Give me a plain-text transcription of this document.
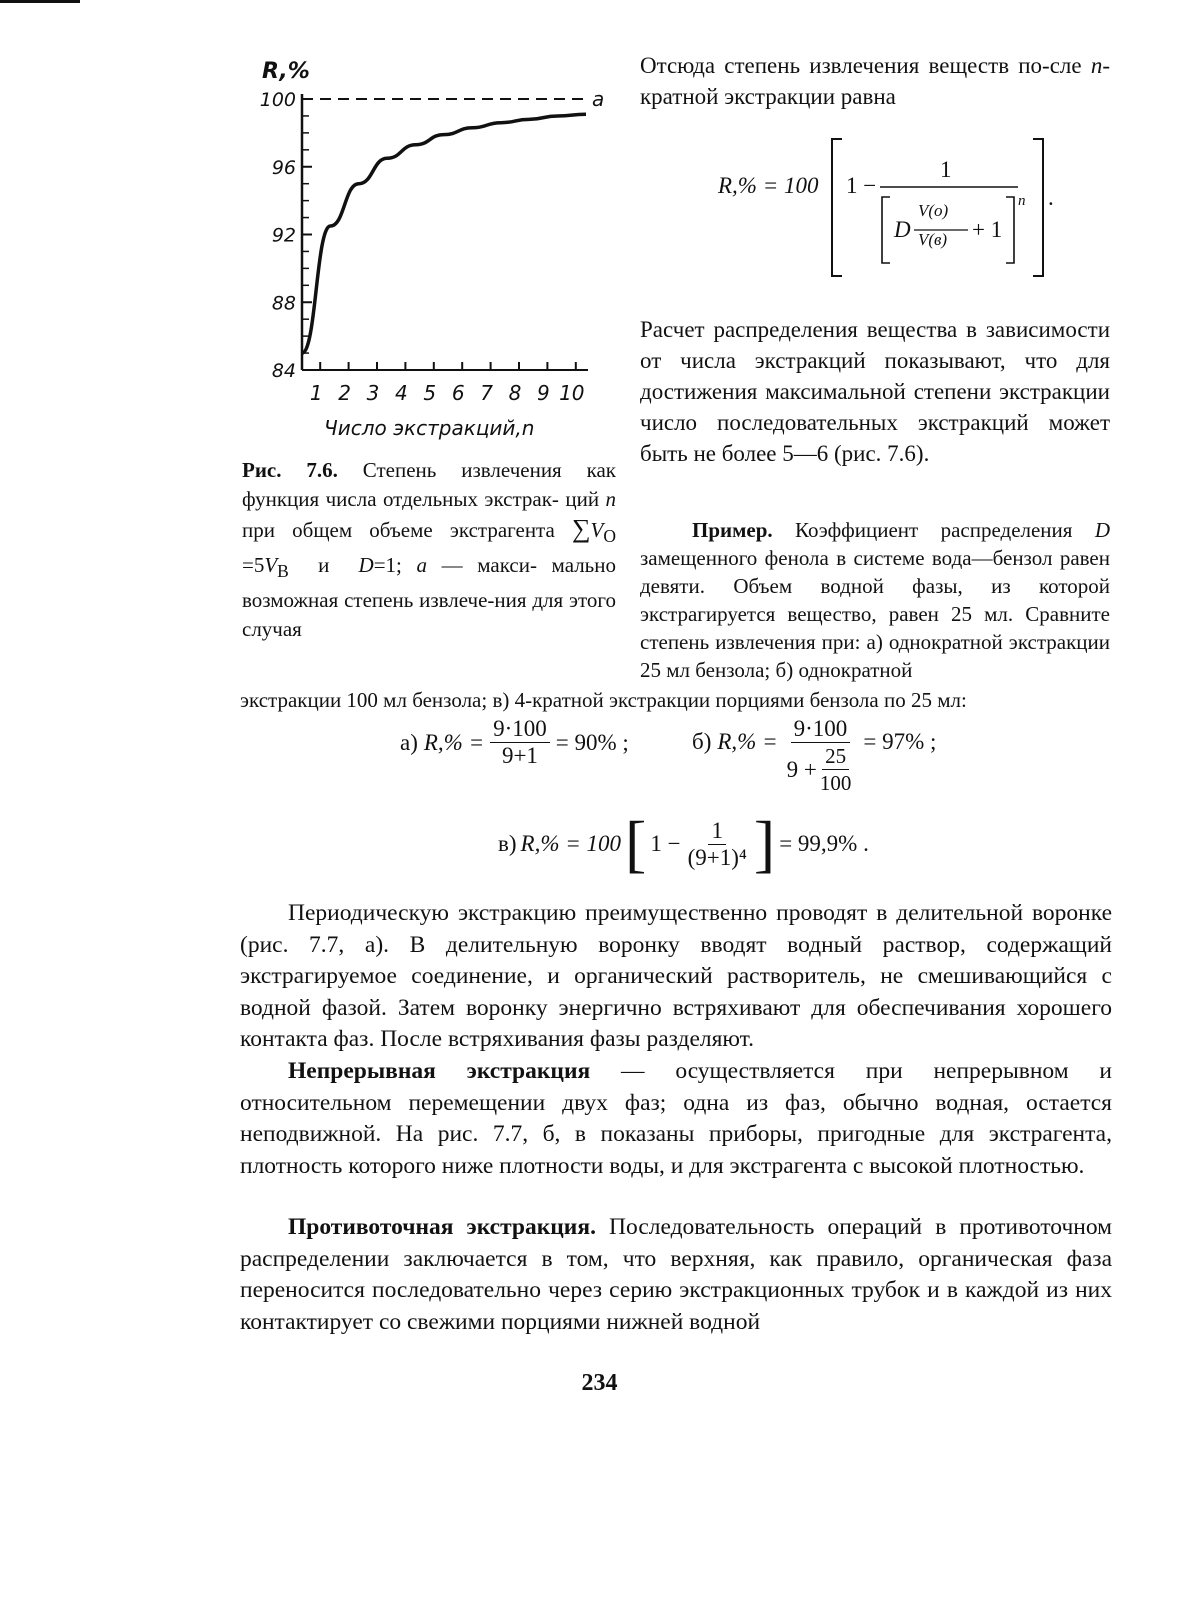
R,%
100
96
92
88
84
1 2 3 4 5 6 7 8 9 10
a
Число экстракций,n
Рис. 7.6. Степень извлечения как функция числа отдельных экстрак- ций n при общем объеме экстрагента $\sum V_O =5V_B$  и  D=1; a — макси- мально возможная степень извлече-ния для этого случая
Отсюда степень извлечения веществ по-сле n-кратной экстракции равна
R,% = 100 1 −
1
D
V(о)
V(в) + 1
n .
Расчет распределения вещества в зависимости от числа экстракций показывают, что для достижения максимальной степени экстракции число последовательных экстракций может быть не более 5—6 (рис. 7.6).
Пример. Коэффициент распределения D замещенного фенола в системе вода—бензол равен девяти. Объем водной фазы, из которой экстрагируется вещество, равен 25 мл. Сравните степень извлечения при: а) однократной экстракции 25 мл бензола; б) однократной
экстракции 100 мл бензола; в) 4-кратной экстракции порциями бензола по 25 мл:
а) $R,\% = \frac{9\cdot 100}{9+1} = 90\%$ ;	б) $R,\% = \frac{9\cdot 100}{9 + \frac{25}{100}} = 97\%$ ;
в) R,% = 100 [ $1 - \frac{1}{\text{(9+1)⁴}}$ ] = 99,9% .
Периодическую экстракцию преимущественно проводят в делительной воронке (рис. 7.7, а). В делительную воронку вводят водный раствор, содержащий экстрагируемое соединение, и органический растворитель, не смешивающийся с водной фазой. Затем воронку энергично встряхивают для обеспечивания хорошего контакта фаз. После встряхивания фазы разделяют.
Непрерывная экстракция — осуществляется при непрерывном и относительном перемещении двух фаз; одна из фаз, обычно водная, остается неподвижной. На рис. 7.7, б, в показаны приборы, пригодные для экстрагента, плотность которого ниже плотности воды, и для экстрагента с высокой плотностью.
Противоточная экстракция. Последовательность операций в противоточном распределении заключается в том, что верхняя, как правило, органическая фаза переносится последовательно через серию экстракционных трубок и в каждой из них контактирует со свежими порциями нижней водной
234
